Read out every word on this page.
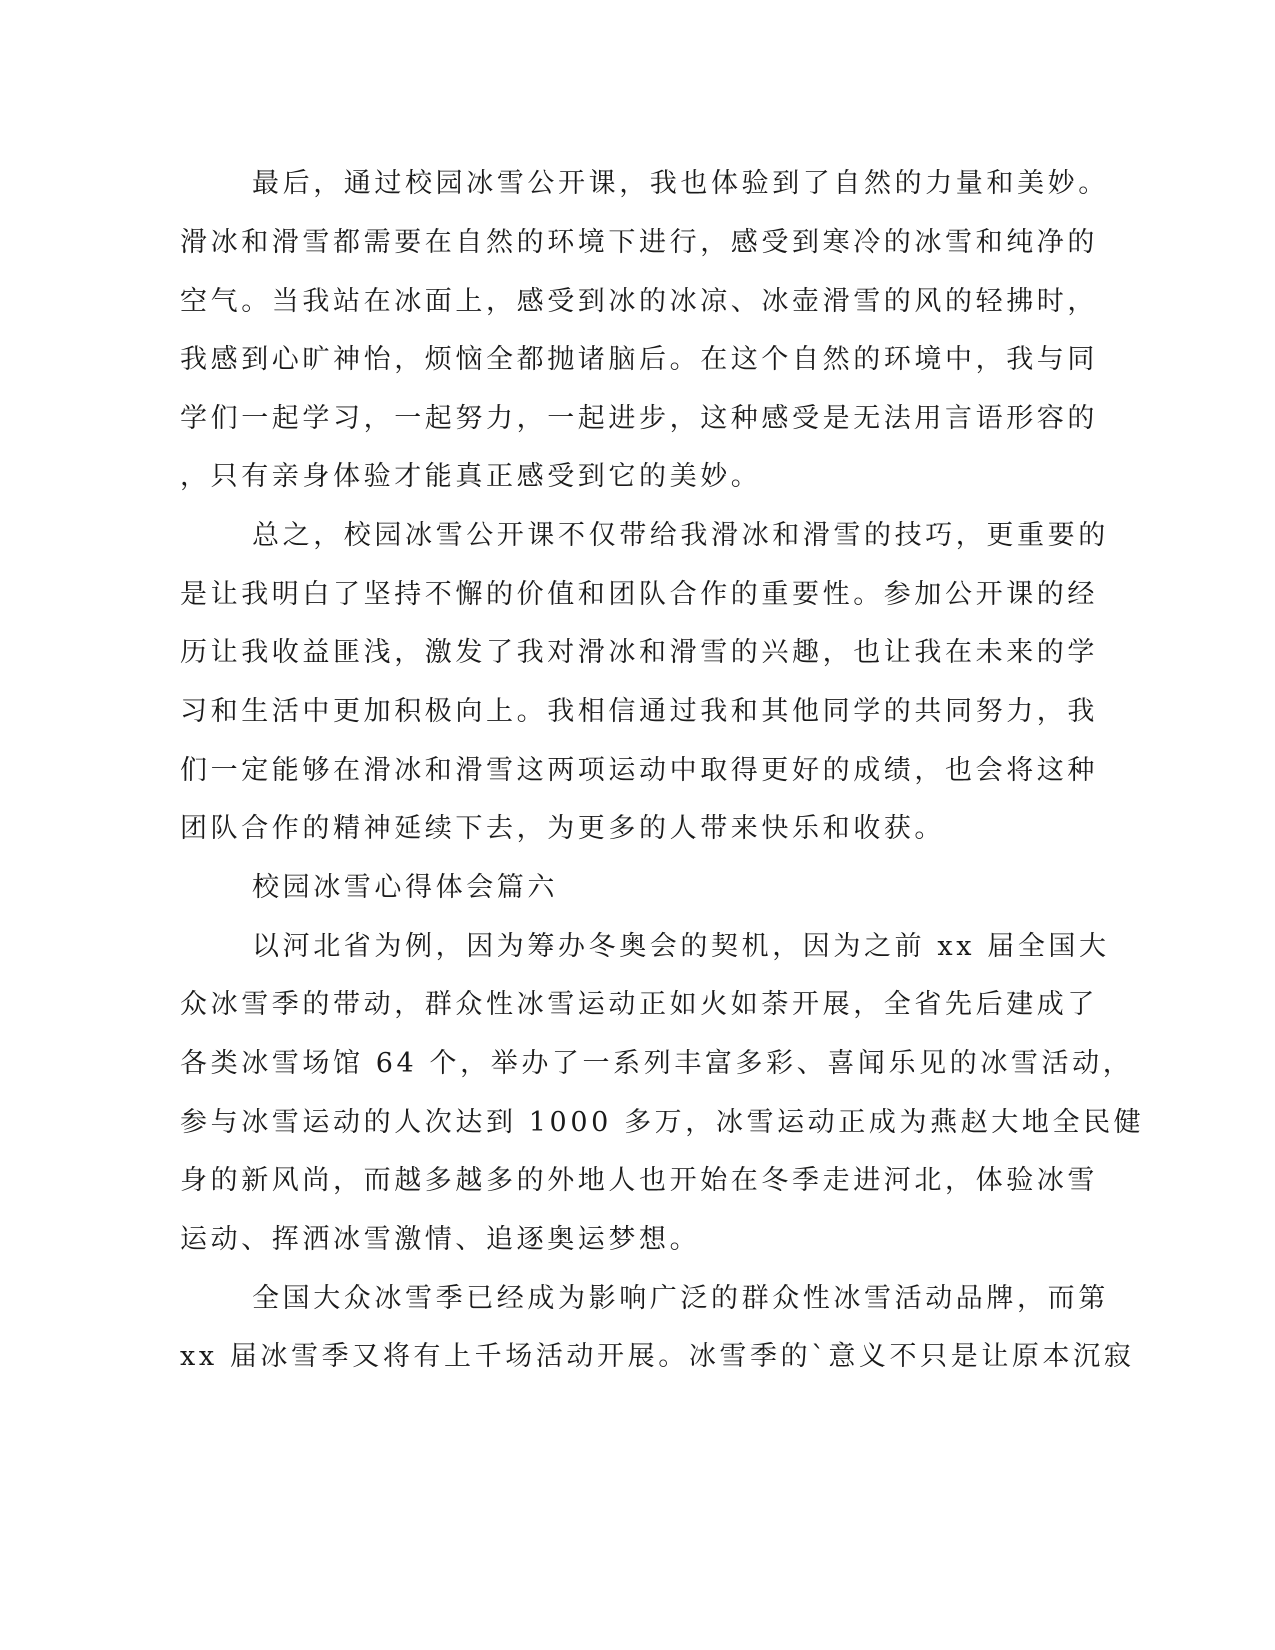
最后，通过校园冰雪公开课，我也体验到了自然的力量和美妙。
滑冰和滑雪都需要在自然的环境下进行，感受到寒冷的冰雪和纯净的
空气。当我站在冰面上，感受到冰的冰凉、冰壶滑雪的风的轻拂时，
我感到心旷神怡，烦恼全都抛诸脑后。在这个自然的环境中，我与同
学们一起学习，一起努力，一起进步，这种感受是无法用言语形容的
，只有亲身体验才能真正感受到它的美妙。
总之，校园冰雪公开课不仅带给我滑冰和滑雪的技巧，更重要的
是让我明白了坚持不懈的价值和团队合作的重要性。参加公开课的经
历让我收益匪浅，激发了我对滑冰和滑雪的兴趣，也让我在未来的学
习和生活中更加积极向上。我相信通过我和其他同学的共同努力，我
们一定能够在滑冰和滑雪这两项运动中取得更好的成绩，也会将这种
团队合作的精神延续下去，为更多的人带来快乐和收获。
校园冰雪心得体会篇六
以河北省为例，因为筹办冬奥会的契机，因为之前 xx 届全国大
众冰雪季的带动，群众性冰雪运动正如火如荼开展，全省先后建成了
各类冰雪场馆 64 个，举办了一系列丰富多彩、喜闻乐见的冰雪活动，
参与冰雪运动的人次达到 1000 多万，冰雪运动正成为燕赵大地全民健
身的新风尚，而越多越多的外地人也开始在冬季走进河北，体验冰雪
运动、挥洒冰雪激情、追逐奥运梦想。
全国大众冰雪季已经成为影响广泛的群众性冰雪活动品牌，而第
xx 届冰雪季又将有上千场活动开展。冰雪季的`意义不只是让原本沉寂
